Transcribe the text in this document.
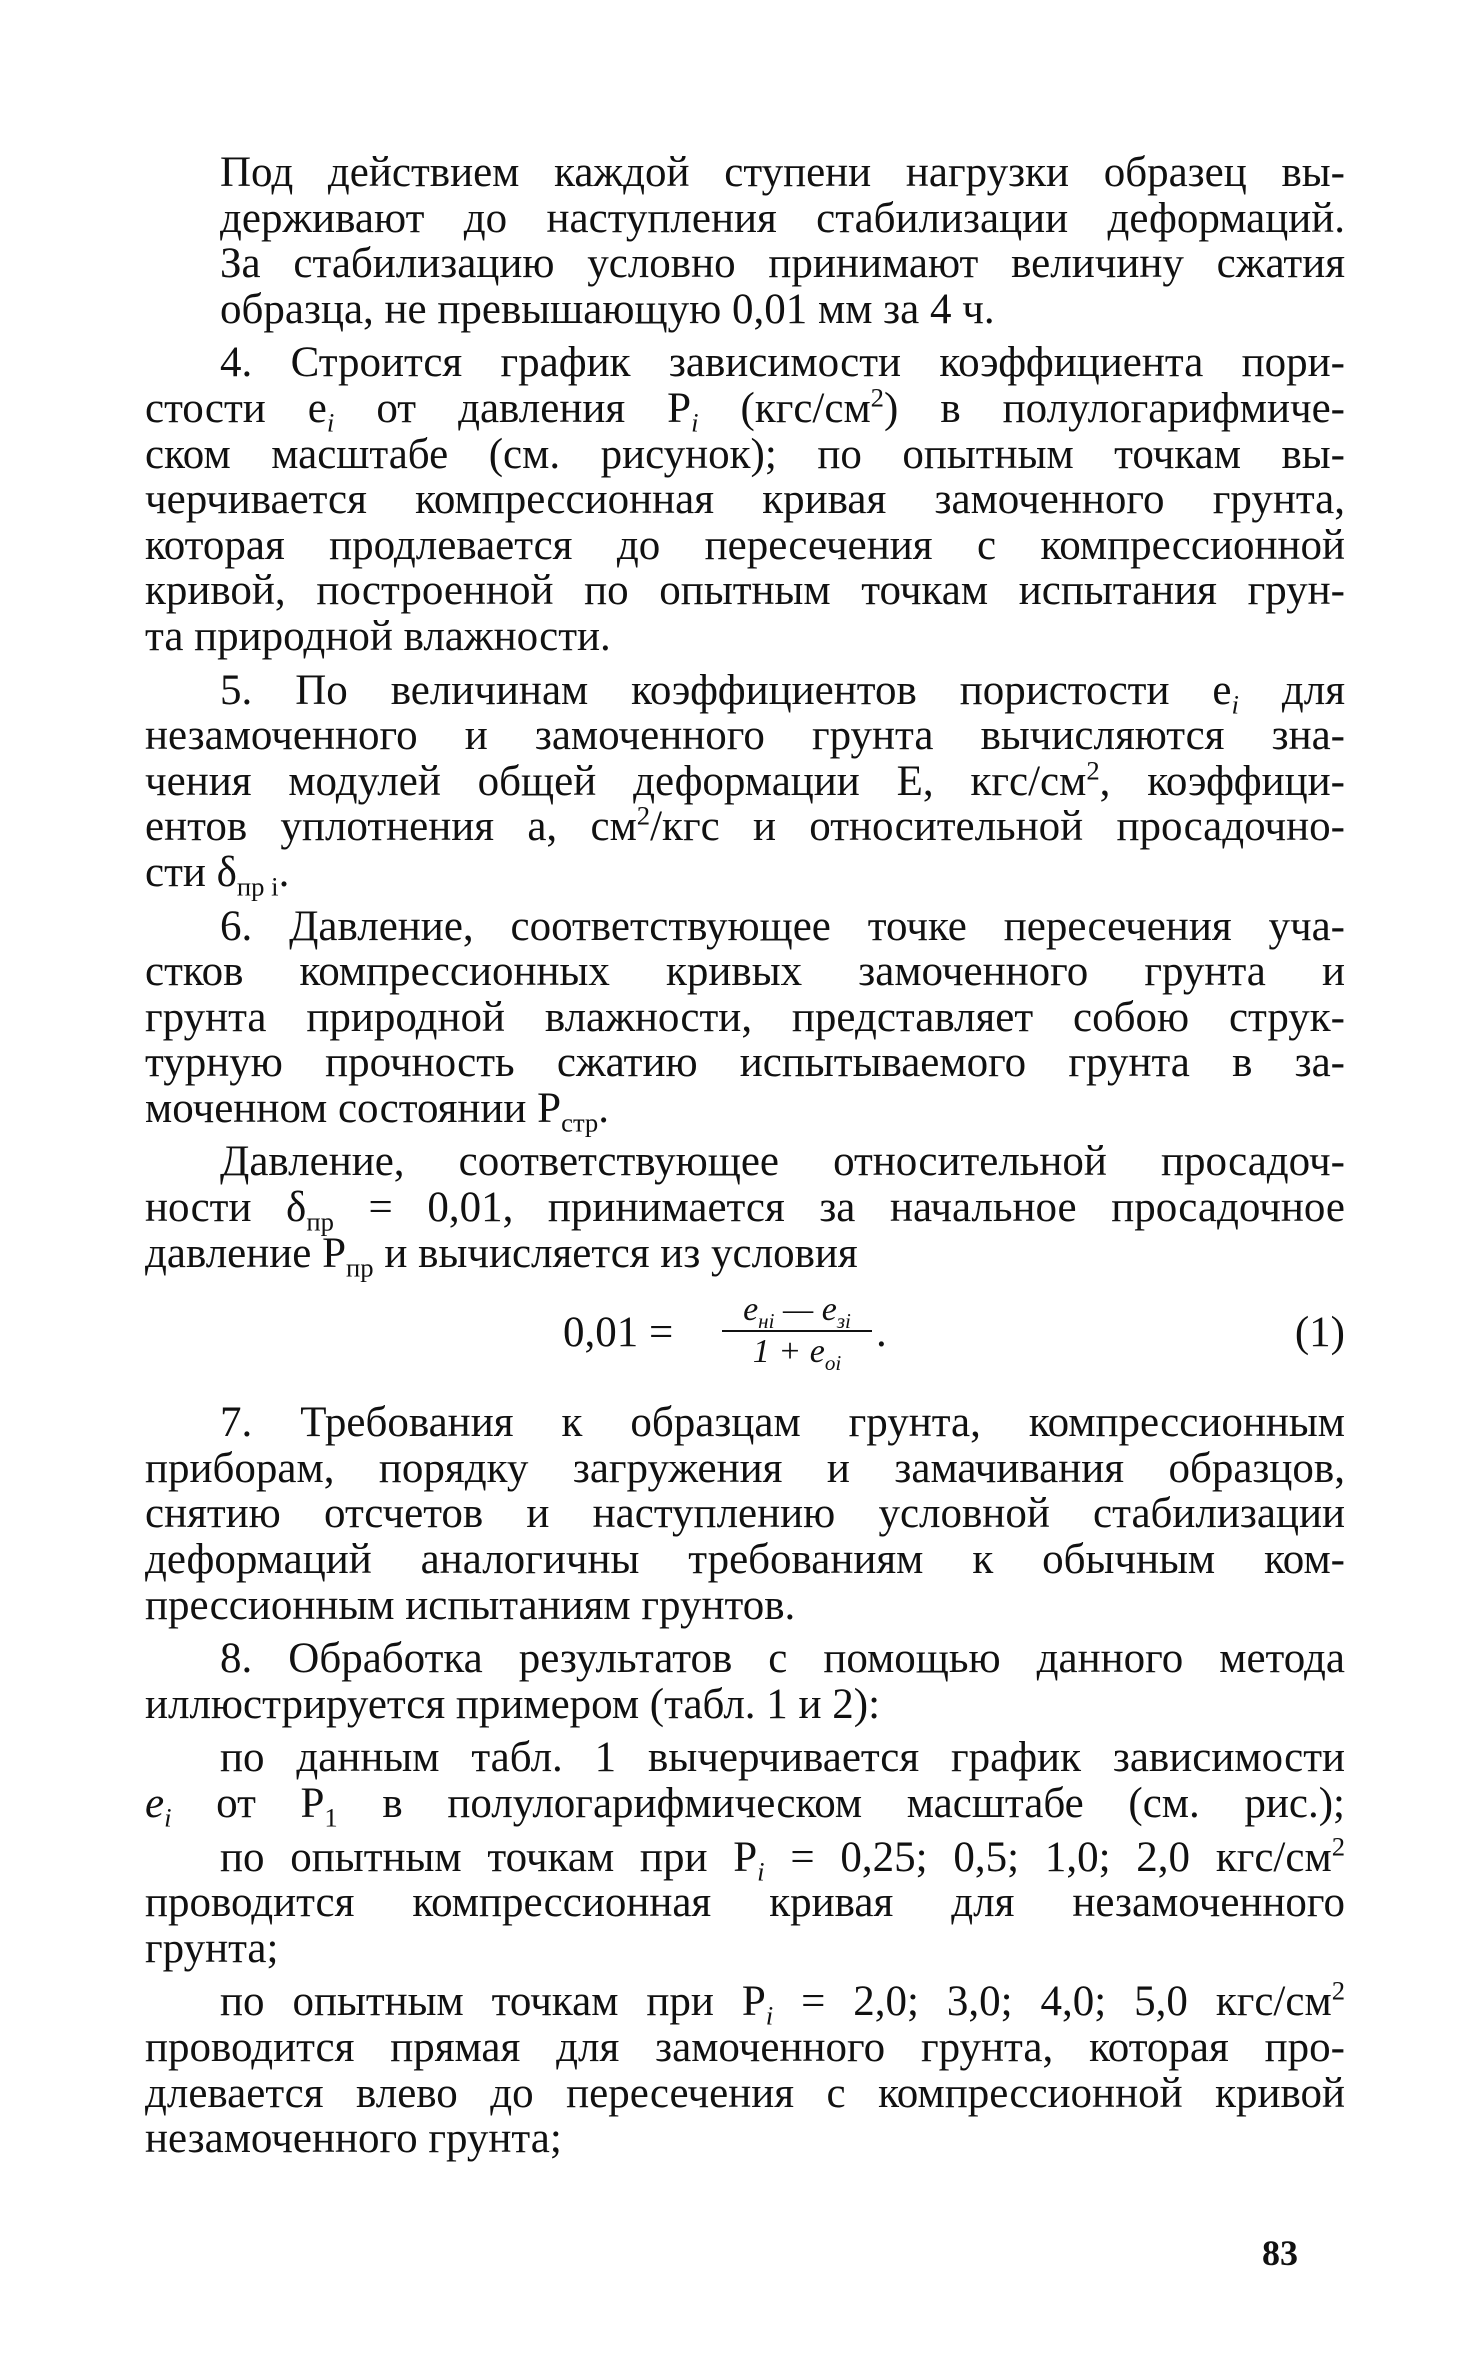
Под действием каждой ступени нагрузки образец вы-
держивают до наступления стабилизации деформаций.
За стабилизацию условно принимают величину сжатия
образца, не превышающую 0,01 мм за 4 ч.
4. Строится график зависимости коэффициента пори-
стости $e_i$ от давления $P_i$ $(кгс/см^2)$ в полулогарифмиче-
ском масштабе (см. рисунок); по опытным точкам вы-
черчивается компрессионная кривая замоченного грунта,
которая продлевается до пересечения с компрессионной
кривой, построенной по опытным точкам испытания грун-
та природной влажности.
5. По величинам коэффициентов пористости $e_i$ для
незамоченного и замоченного грунта вычисляются зна-
чения модулей общей деформации E, кгс/$см^2$, коэффици-
ентов уплотнения a, $см^2$/кгс и относительной просадочно-
сти $\delta_{пр i}$.
6. Давление, соответствующее точке пересечения уча-
стков компрессионных кривых замоченного грунта и
грунта природной влажности, представляет собою струк-
турную прочность сжатию испытываемого грунта в за-
моченном состоянии $P_{стр}$.
Давление, соответствующее относительной просадоч-
ности $\delta_{пр} = 0,01$, принимается за начальное просадочное
давление $P_{пр}$ и вычисляется из условия
0,01 =	$e_{нi}$ — $e_{зi}$
$1 + e_{oi}$
.	(1)
7. Требования к образцам грунта, компрессионным
приборам, порядку загружения и замачивания образцов,
снятию отсчетов и наступлению условной стабилизации
деформаций аналогичны требованиям к обычным ком-
прессионным испытаниям грунтов.
8. Обработка результатов с помощью данного метода
иллюстрируется примером (табл. 1 и 2):
по данным табл. 1 вычерчивается график зависимости
$e_i$ от $P_1$ в полулогарифмическом масштабе (см. рис.);
по опытным точкам при $P_i = 0,25$; 0,5; 1,0; 2,0 кгс/$см^2$
проводится компрессионная кривая для незамоченного
грунта;
по опытным точкам при $P_i = 2,0$; 3,0; 4,0; 5,0 кгс/$см^2$
проводится прямая для замоченного грунта, которая про-
длевается влево до пересечения с компрессионной кривой
незамоченного грунта;
83
